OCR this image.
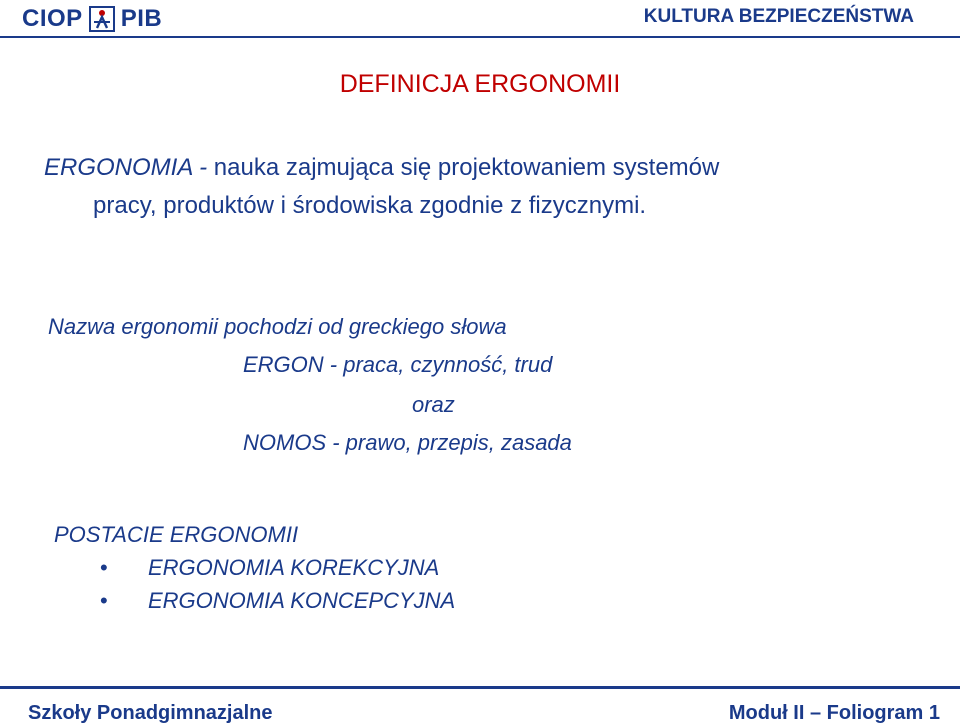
CIOP PIB	KULTURA BEZPIECZEŃSTWA
DEFINICJA ERGONOMII
ERGONOMIA - nauka zajmująca się projektowaniem systemów
pracy, produktów i środowiska zgodnie z fizycznymi.
Nazwa ergonomii pochodzi od greckiego słowa
ERGON - praca, czynność, trud
oraz
NOMOS - prawo, przepis, zasada
POSTACIE ERGONOMII
• ERGONOMIA KOREKCYJNA
• ERGONOMIA KONCEPCYJNA
Szkoły Ponadgimnazjalne	Moduł II – Foliogram 1
